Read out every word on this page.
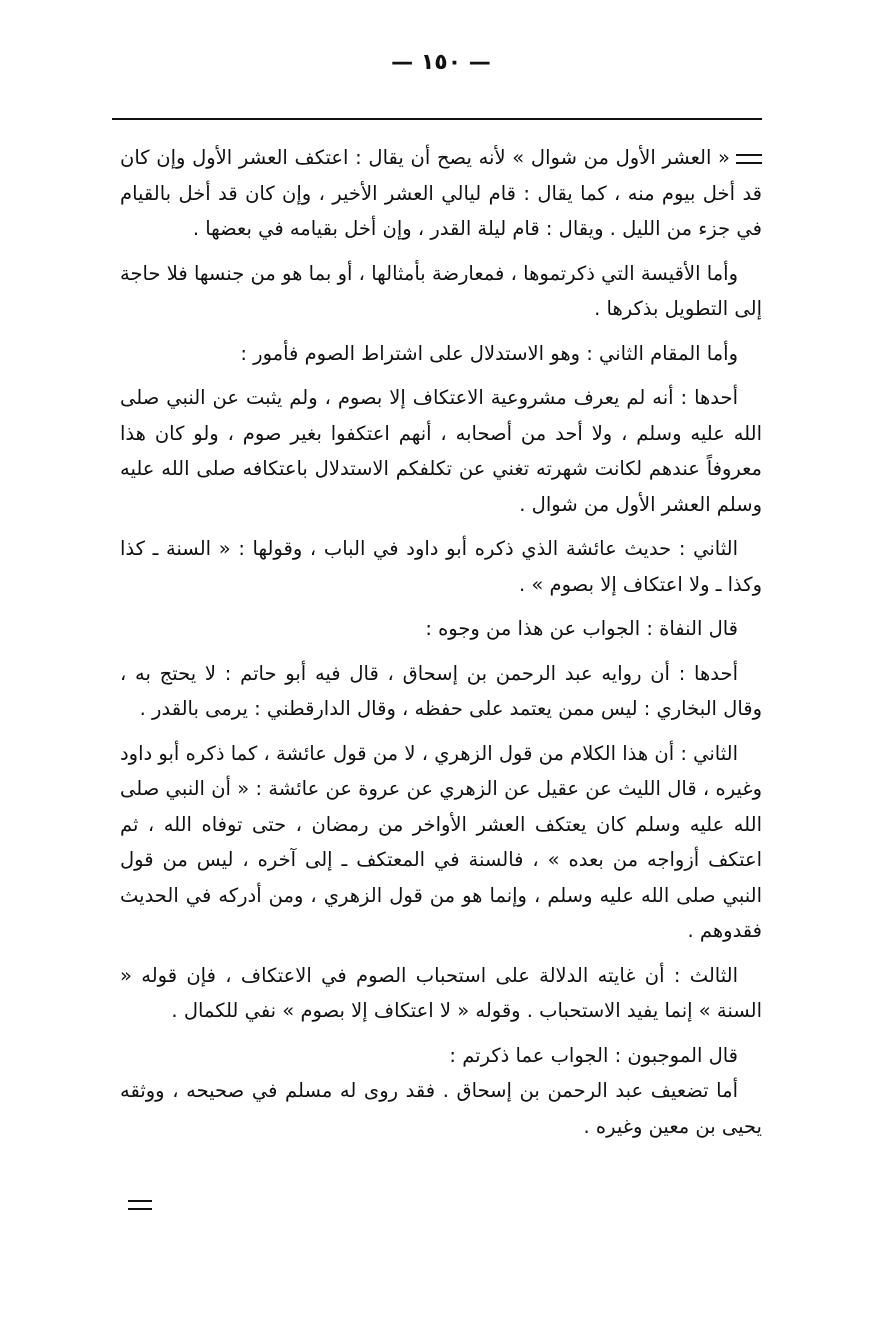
— ١٥٠ —

« العشر الأول من شوال » لأنه يصح أن يقال : اعتكف العشر الأول وإن كان قد أخل بيوم منه ، كما يقال : قام ليالي العشر الأخير ، وإن كان قد أخل بالقيام في جزء من الليل . ويقال : قام ليلة القدر ، وإن أخل بقيامه في بعضها .

وأما الأقيسة التي ذكرتموها ، فمعارضة بأمثالها ، أو بما هو من جنسها فلا حاجة إلى التطويل بذكرها .

وأما المقام الثاني : وهو الاستدلال على اشتراط الصوم فأمور :

أحدها : أنه لم يعرف مشروعية الاعتكاف إلا بصوم ، ولم يثبت عن النبي صلى الله عليه وسلم ، ولا أحد من أصحابه ، أنهم اعتكفوا بغير صوم ، ولو كان هذا معروفاً عندهم لكانت شهرته تغني عن تكلفكم الاستدلال باعتكافه صلى الله عليه وسلم العشر الأول من شوال .

الثاني : حديث عائشة الذي ذكره أبو داود في الباب ، وقولها : « السنة ـ كذا وكذا ـ ولا اعتكاف إلا بصوم » .

قال النفاة : الجواب عن هذا من وجوه :

أحدها : أن روايه عبد الرحمن بن إسحاق ، قال فيه أبو حاتم : لا يحتج به ، وقال البخاري : ليس ممن يعتمد على حفظه ، وقال الدارقطني : يرمى بالقدر .

الثاني : أن هذا الكلام من قول الزهري ، لا من قول عائشة ، كما ذكره أبو داود وغيره ، قال الليث عن عقيل عن الزهري عن عروة عن عائشة : « أن النبي صلى الله عليه وسلم كان يعتكف العشر الأواخر من رمضان ، حتى توفاه الله ، ثم اعتكف أزواجه من بعده » ، فالسنة في المعتكف ـ إلى آخره ، ليس من قول النبي صلى الله عليه وسلم ، وإنما هو من قول الزهري ، ومن أدركه في الحديث فقدوهم .

الثالث : أن غايته الدلالة على استحباب الصوم في الاعتكاف ، فإن قوله « السنة » إنما يفيد الاستحباب . وقوله « لا اعتكاف إلا بصوم » نفي للكمال .

قال الموجبون : الجواب عما ذكرتم :

أما تضعيف عبد الرحمن بن إسحاق . فقد روى له مسلم في صحيحه ، ووثقه يحيى بن معين وغيره .
